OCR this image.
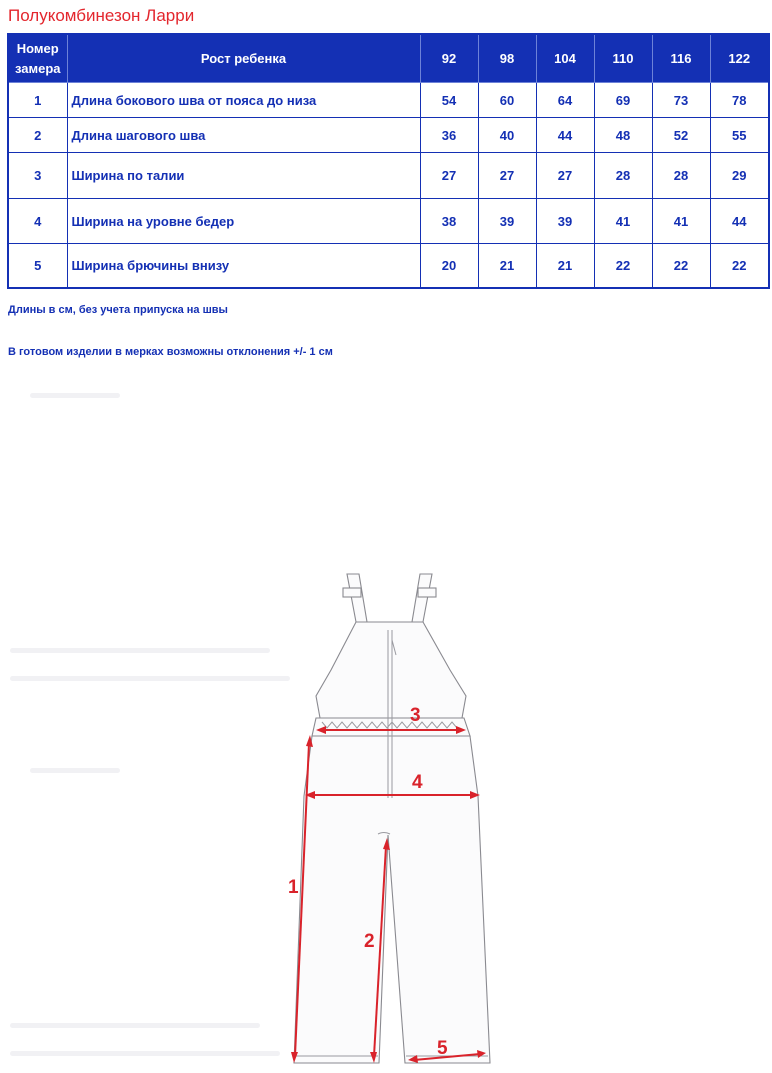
Полукомбинезон Ларри
Номер замера	Рост ребенка	92	98	104	110	116	122
1	Длина бокового шва от пояса до низа	54	60	64	69	73	78
2	Длина шагового шва	36	40	44	48	52	55
3	Ширина по талии	27	27	27	28	28	29
4	Ширина на уровне бедер	38	39	39	41	41	44
5	Ширина брючины внизу	20	21	21	22	22	22

Длины в см, без учета припуска на швы

В готовом изделии в мерках возможны отклонения +/- 1 см

3
4
1
2
5
